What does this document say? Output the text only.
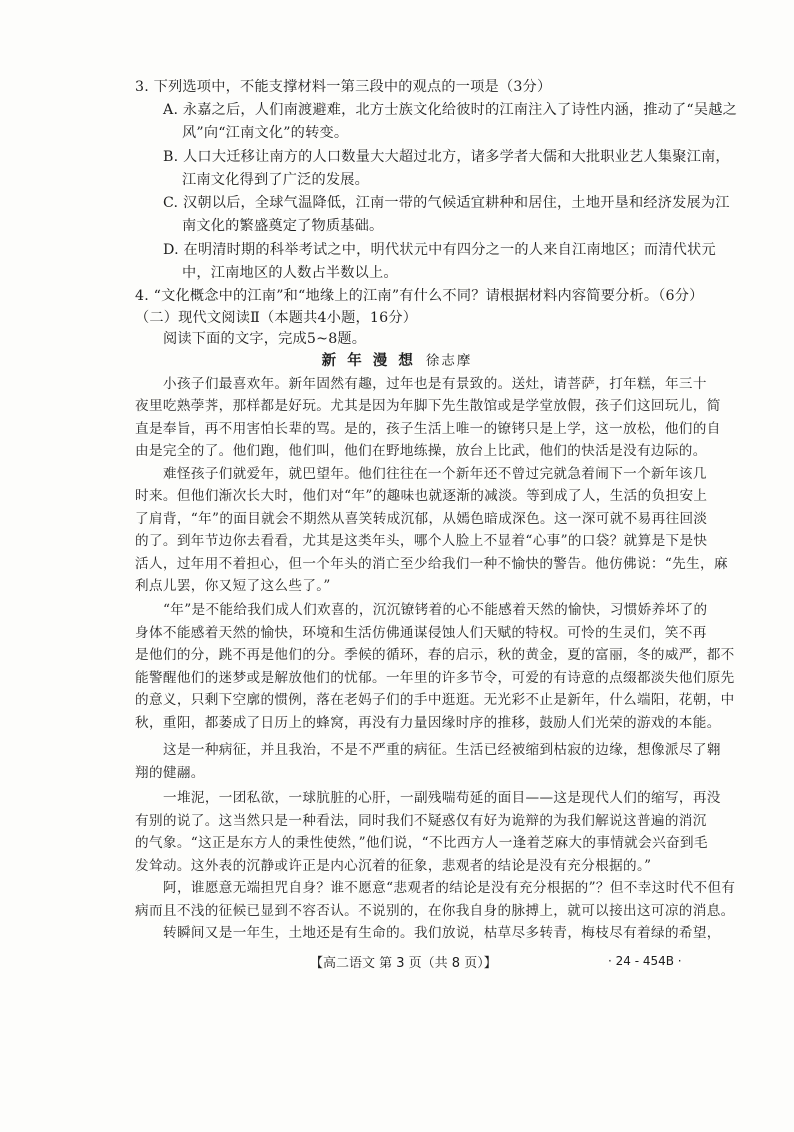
3. 下列选项中，不能支撑材料一第三段中的观点的一项是（3分）
A. 永嘉之后，人们南渡避难，北方士族文化给彼时的江南注入了诗性内涵，推动了“吴越之
风”向“江南文化”的转变。
B. 人口大迁移让南方的人口数量大大超过北方，诸多学者大儒和大批职业艺人集聚江南，
江南文化得到了广泛的发展。
C. 汉朝以后，全球气温降低，江南一带的气候适宜耕种和居住，土地开垦和经济发展为江
南文化的繁盛奠定了物质基础。
D. 在明清时期的科举考试之中，明代状元中有四分之一的人来自江南地区；而清代状元
中，江南地区的人数占半数以上。
4. “文化概念中的江南”和“地缘上的江南”有什么不同？请根据材料内容简要分析。（6分）
（二）现代文阅读Ⅱ（本题共4小题，16分）
阅读下面的文字，完成5~8题。
新 年 漫 想 徐志摩
小孩子们最喜欢年。新年固然有趣，过年也是有景致的。送灶，请菩萨，打年糕，年三十
夜里吃熟荸荠，那样都是好玩。尤其是因为年脚下先生散馆或是学堂放假，孩子们这回玩儿，简
直是奉旨，再不用害怕长辈的骂。是的，孩子生活上唯一的镣铐只是上学，这一放松，他们的自
由是完全的了。他们跑，他们叫，他们在野地练操，放台上比武，他们的快活是没有边际的。
难怪孩子们就爱年，就巴望年。他们往往在一个新年还不曾过完就急着闹下一个新年该几
时来。但他们渐次长大时，他们对“年”的趣味也就逐渐的减淡。等到成了人，生活的负担安上
了肩背，“年”的面目就会不期然从喜笑转成沉郁，从嫣色暗成深色。这一深可就不易再往回淡
的了。到年节边你去看看，尤其是这类年头，哪个人脸上不显着“心事”的口袋？就算是下是快
活人，过年用不着担心，但一个年头的消亡至少给我们一种不愉快的警告。他仿佛说：“先生，麻
利点儿罢，你又短了这么些了。”
“年”是不能给我们成人们欢喜的，沉沉镣铐着的心不能感着天然的愉快，习惯娇养坏了的
身体不能感着天然的愉快，环境和生活仿佛通谋侵蚀人们天赋的特权。可怜的生灵们，笑不再
是他们的分，跳不再是他们的分。季候的循环，春的启示，秋的黄金，夏的富丽，冬的威严，都不
能警醒他们的迷梦或是解放他们的忧郁。一年里的许多节令，可爱的有诗意的点缀都淡失他们原先
的意义，只剩下空廓的惯例，落在老妈子们的手中逛逛。无光彩不止是新年，什么端阳，花朝，中
秋，重阳，都萎成了日历上的蜂窝，再没有力量因缘时序的推移，鼓励人们光荣的游戏的本能。
这是一种病征，并且我治，不是不严重的病征。生活已经被缩到枯寂的边缘，想像派尽了翱
翔的健翮。
一堆泥，一团私欲，一球肮脏的心肝，一副残喘苟延的面目——这是现代人们的缩写，再没
有别的说了。这当然只是一种看法，同时我们不疑惑仅有好为诡辩的为我们解说这普遍的消沉
的气象。“这正是东方人的秉性使然，”他们说，“不比西方人一逢着芝麻大的事情就会兴奋到毛
发耸动。这外表的沉静或许正是内心沉着的征象，悲观者的结论是没有充分根据的。”
阿，谁愿意无端担咒自身？谁不愿意“悲观者的结论是没有充分根据的”？但不幸这时代不但有
病而且不浅的征候已显到不容否认。不说别的，在你我自身的脉搏上，就可以接出这可凉的消息。
转瞬间又是一年生，土地还是有生命的。我们放说，枯草尽多转青，梅枝尽有着绿的希望，
【高二语文 第 3 页（共 8 页）】	· 24 - 454B ·
